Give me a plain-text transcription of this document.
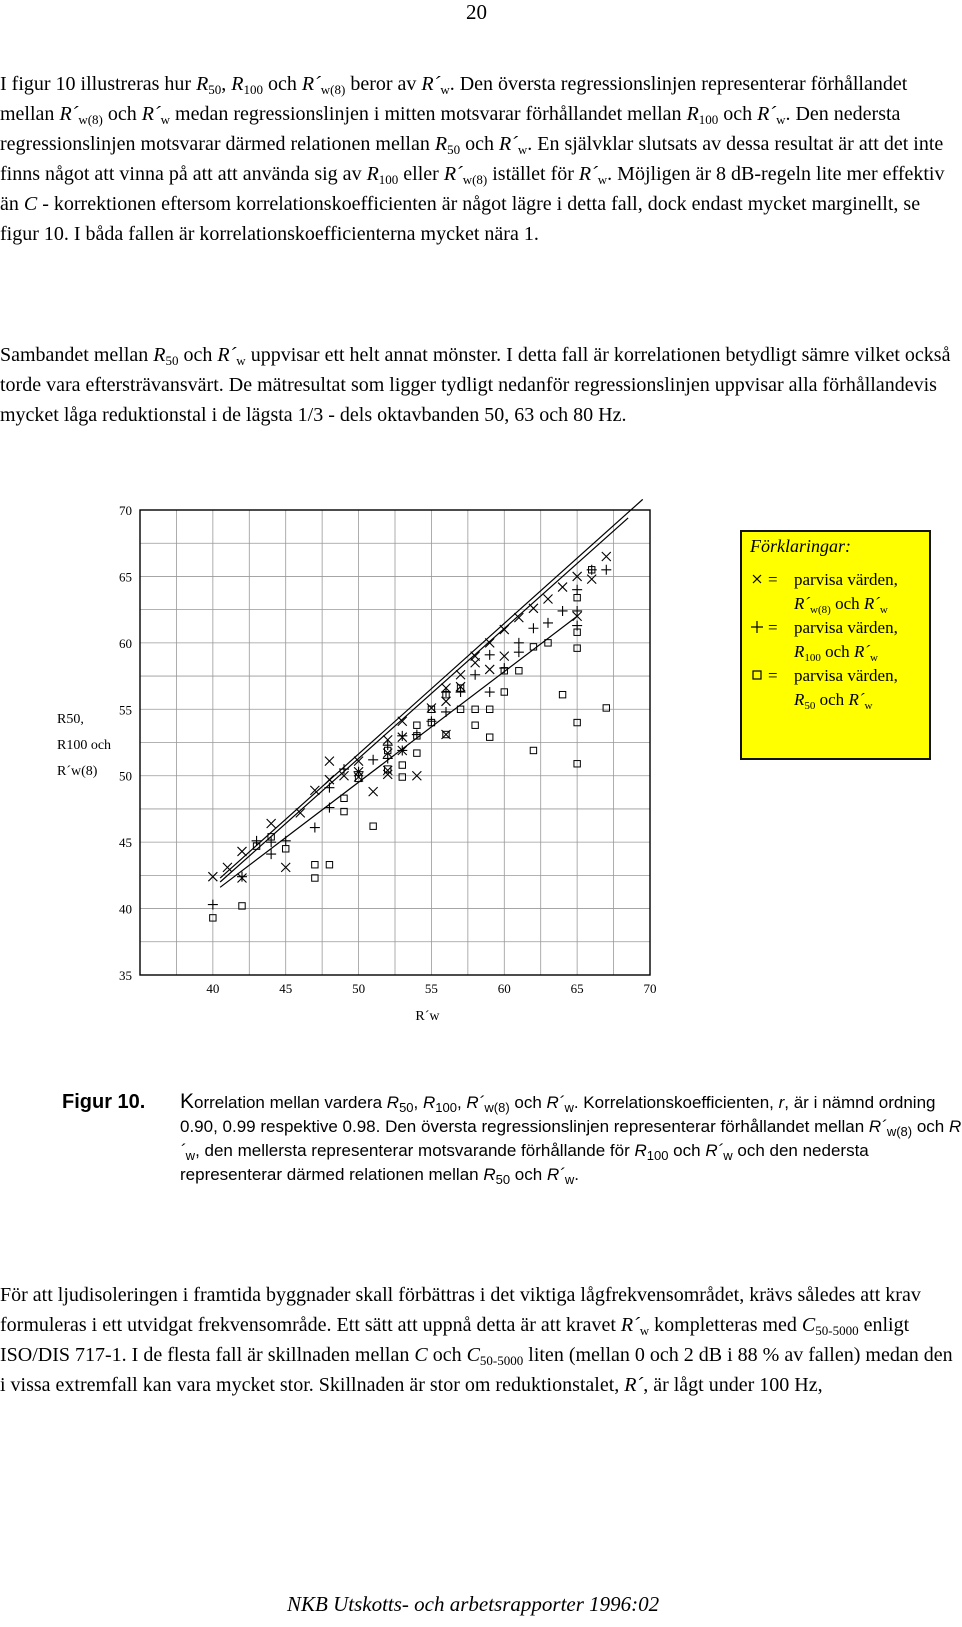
20

I figur 10 illustreras hur $R_{50}$, $R_{100}$ och $R´_{w(8)}$ beror av $R´_w$. Den översta regressionslinjen representerar förhållandet mellan $R´_{w(8)}$ och $R´_w$ medan regressionslinjen i mitten motsvarar förhållandet mellan $R_{100}$ och $R´_w$. Den nedersta regressionslinjen motsvarar därmed relationen mellan $R_{50}$ och $R´_w$. En självklar slutsats av dessa resultat är att det inte finns något att vinna på att att använda sig av $R_{100}$ eller $R´_{w(8)}$ istället för $R´_w$. Möjligen är 8 dB-regeln lite mer effektiv än C - korrektionen eftersom korrelationskoefficienten är något lägre i detta fall, dock endast mycket marginellt, se figur 10. I båda fallen är korrelationskoefficienterna mycket nära 1.

Sambandet mellan $R_{50}$ och $R´_w$ uppvisar ett helt annat mönster. I detta fall är korrelationen betydligt sämre vilket också torde vara eftersträvansvärt. De mätresultat som ligger tydligt nedanför regressionslinjen uppvisar alla förhållandevis mycket låga reduktionstal i de lägsta 1/3 - dels oktavbanden 50, 63 och 80 Hz.

40	45	50	55	60	65	70
35
40
45
50
55
60
65
70
R50,
R100 och
R´w(8)
R´w
Förklaringar:
= parvisa värden,
$R´_{w(8)}$ och $R´_w$
= parvisa värden,
$R_{100}$ och $R´_w$
= parvisa värden,
$R_{50}$ och $R´_w$
Figur 10. Korrelation mellan vardera $R_{50}$, $R_{100}$, $R´_{w(8)}$ och $R´_w$. Korrelationskoefficienten, r, är i nämnd ordning 0.90, 0.99 respektive 0.98. Den översta regressionslinjen representerar förhållandet mellan $R´_{w(8)}$ och $R´_w$, den mellersta representerar motsvarande förhållande för $R_{100}$ och $R´_w$ och den nedersta representerar därmed relationen mellan $R_{50}$ och $R´_w$.

För att ljudisoleringen i framtida byggnader skall förbättras i det viktiga lågfrekvensområdet, krävs således att krav formuleras i ett utvidgat frekvensområde. Ett sätt att uppnå detta är att kravet $R´_w$ kompletteras med $C_{50-5000}$ enligt ISO/DIS 717-1. I de flesta fall är skillnaden mellan C och $C_{50-5000}$ liten (mellan 0 och 2 dB i 88 % av fallen) medan den i vissa extremfall kan vara mycket stor. Skillnaden är stor om reduktionstalet, R´, är lågt under 100 Hz,

NKB Utskotts- och arbetsrapporter 1996:02
